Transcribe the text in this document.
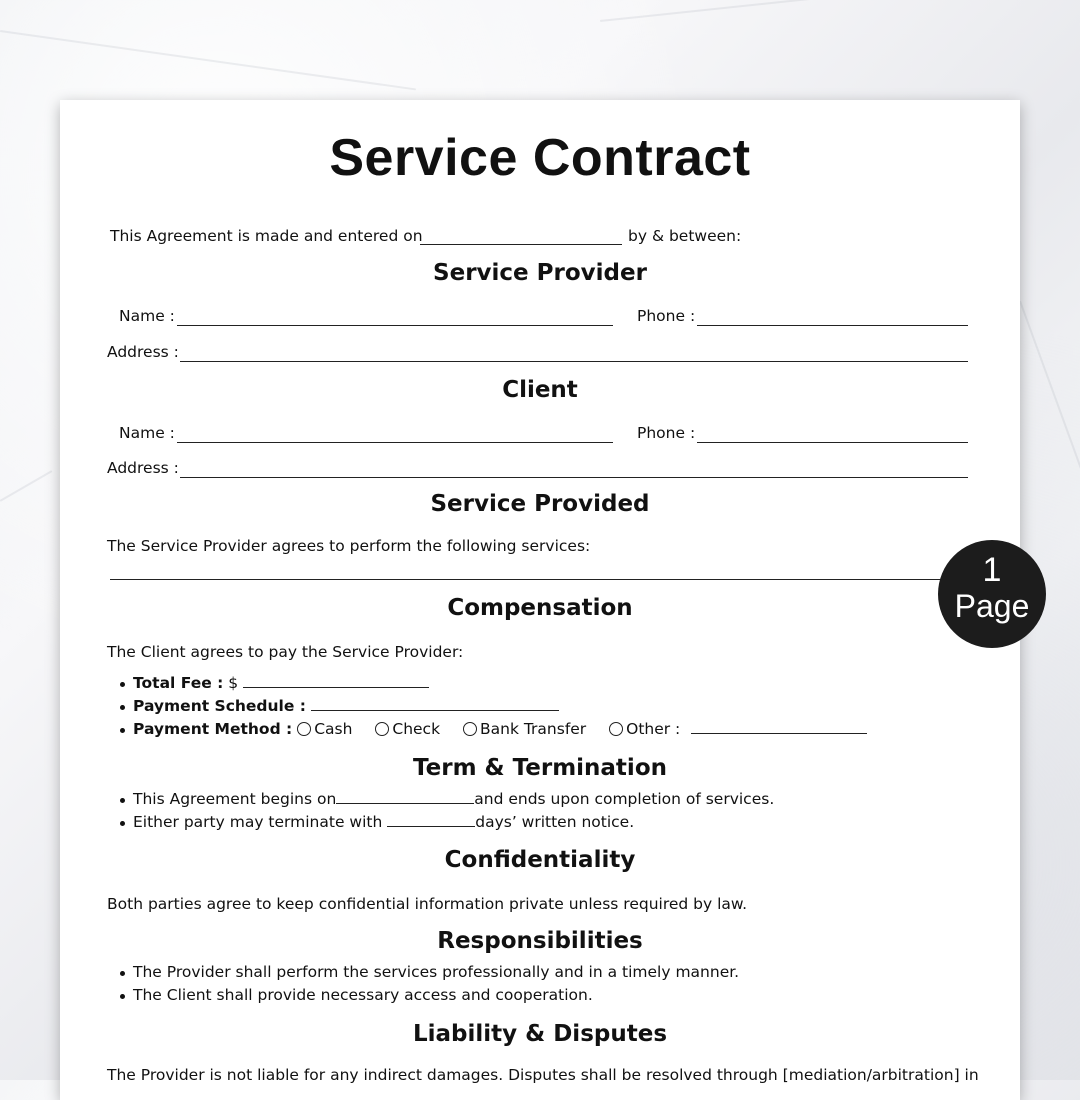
Service Contract
This Agreement is made and entered on	by & between:
Service Provider
Name :	Phone :
Address :
Client
Name :	Phone :
Address :
Service Provided
The Service Provider agrees to perform the following services:
Compensation
The Client agrees to pay the Service Provider:
Total Fee : $
Payment Schedule :
Payment Method : Cash	Check	Bank Transfer	Other :
Term & Termination
This Agreement begins on	and ends upon completion of services.
Either party may terminate with	days’ written notice.
Confidentiality
Both parties agree to keep confidential information private unless required by law.
Responsibilities
The Provider shall perform the services professionally and in a timely manner.
The Client shall provide necessary access and cooperation.
Liability & Disputes
The Provider is not liable for any indirect damages. Disputes shall be resolved through [mediation/arbitration] in
1
Page
